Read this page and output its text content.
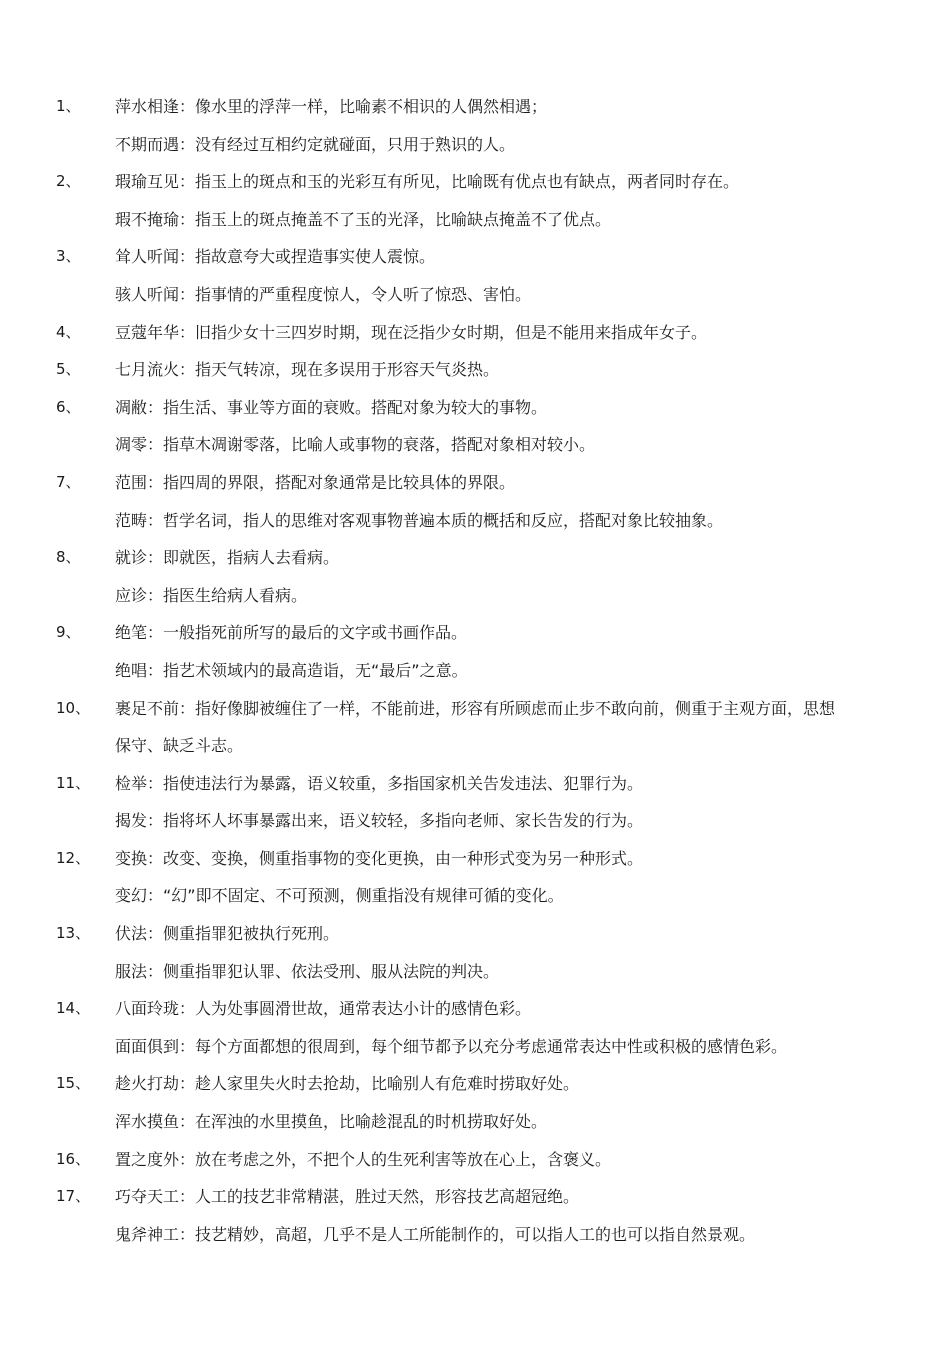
1、	萍水相逢：像水里的浮萍一样，比喻素不相识的人偶然相遇；
不期而遇：没有经过互相约定就碰面，只用于熟识的人。
2、	瑕瑜互见：指玉上的斑点和玉的光彩互有所见，比喻既有优点也有缺点，两者同时存在。
瑕不掩瑜：指玉上的斑点掩盖不了玉的光泽，比喻缺点掩盖不了优点。
3、	耸人听闻：指故意夸大或捏造事实使人震惊。
骇人听闻：指事情的严重程度惊人，令人听了惊恐、害怕。
4、	豆蔻年华：旧指少女十三四岁时期，现在泛指少女时期，但是不能用来指成年女子。
5、	七月流火：指天气转凉，现在多误用于形容天气炎热。
6、	凋敝：指生活、事业等方面的衰败。搭配对象为较大的事物。
凋零：指草木凋谢零落，比喻人或事物的衰落，搭配对象相对较小。
7、	范围：指四周的界限，搭配对象通常是比较具体的界限。
范畴：哲学名词，指人的思维对客观事物普遍本质的概括和反应，搭配对象比较抽象。
8、	就诊：即就医，指病人去看病。
应诊：指医生给病人看病。
9、	绝笔：一般指死前所写的最后的文字或书画作品。
绝唱：指艺术领域内的最高造诣，无“最后”之意。
10、	裹足不前：指好像脚被缠住了一样，不能前进，形容有所顾虑而止步不敢向前，侧重于主观方面，思想保守、缺乏斗志。
11、	检举：指使违法行为暴露，语义较重，多指国家机关告发违法、犯罪行为。
揭发：指将坏人坏事暴露出来，语义较轻，多指向老师、家长告发的行为。
12、	变换：改变、变换，侧重指事物的变化更换，由一种形式变为另一种形式。
变幻：“幻”即不固定、不可预测，侧重指没有规律可循的变化。
13、	伏法：侧重指罪犯被执行死刑。
服法：侧重指罪犯认罪、依法受刑、服从法院的判决。
14、	八面玲珑：人为处事圆滑世故，通常表达小计的感情色彩。
面面俱到：每个方面都想的很周到，每个细节都予以充分考虑通常表达中性或积极的感情色彩。
15、	趁火打劫：趁人家里失火时去抢劫，比喻别人有危难时捞取好处。
浑水摸鱼：在浑浊的水里摸鱼，比喻趁混乱的时机捞取好处。
16、	置之度外：放在考虑之外，不把个人的生死利害等放在心上，含褒义。
17、	巧夺天工：人工的技艺非常精湛，胜过天然，形容技艺高超冠绝。
鬼斧神工：技艺精妙，高超，几乎不是人工所能制作的，可以指人工的也可以指自然景观。
